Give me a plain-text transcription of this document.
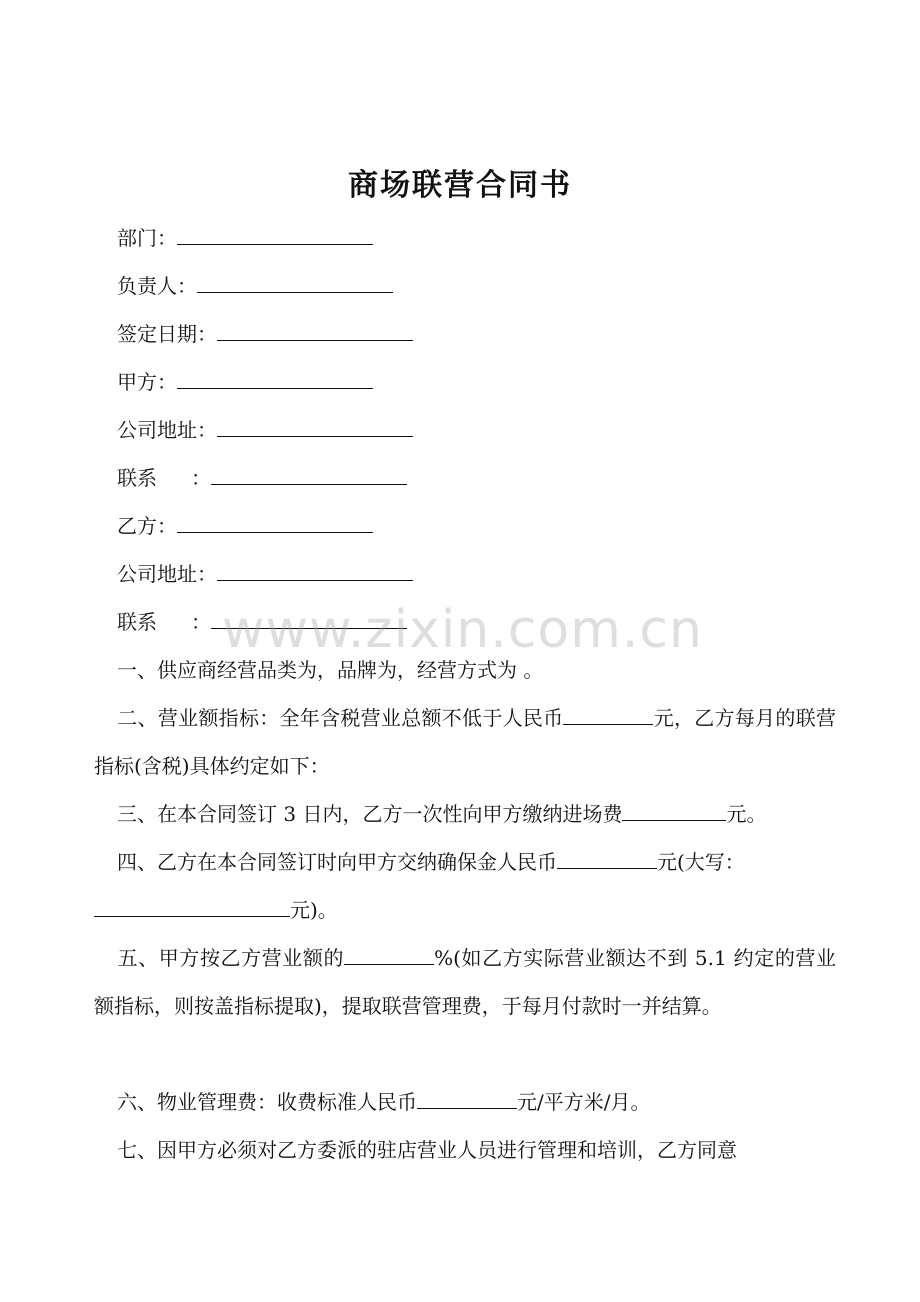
商场联营合同书
部门：
负责人：
签定日期：
甲方：
公司地址：
联系 ：
乙方：
公司地址：
联系 ：
一、供应商经营品类为，品牌为，经营方式为 。
二、营业额指标：全年含税营业总额不低于人民币	元，乙方每月的联营指标(含税)具体约定如下：
三、在本合同签订 3 日内，乙方一次性向甲方缴纳进场费	元。
四、乙方在本合同签订时向甲方交纳确保金人民币	元(大写：
元)。
五、甲方按乙方营业额的	%(如乙方实际营业额达不到 5.1 约定的营业额指标，则按盖指标提取)，提取联营管理费，于每月付款时一并结算。
六、物业管理费：收费标准人民币	元/平方米/月。
七、因甲方必须对乙方委派的驻店营业人员进行管理和培训，乙方同意
www.zixin.com.cn
